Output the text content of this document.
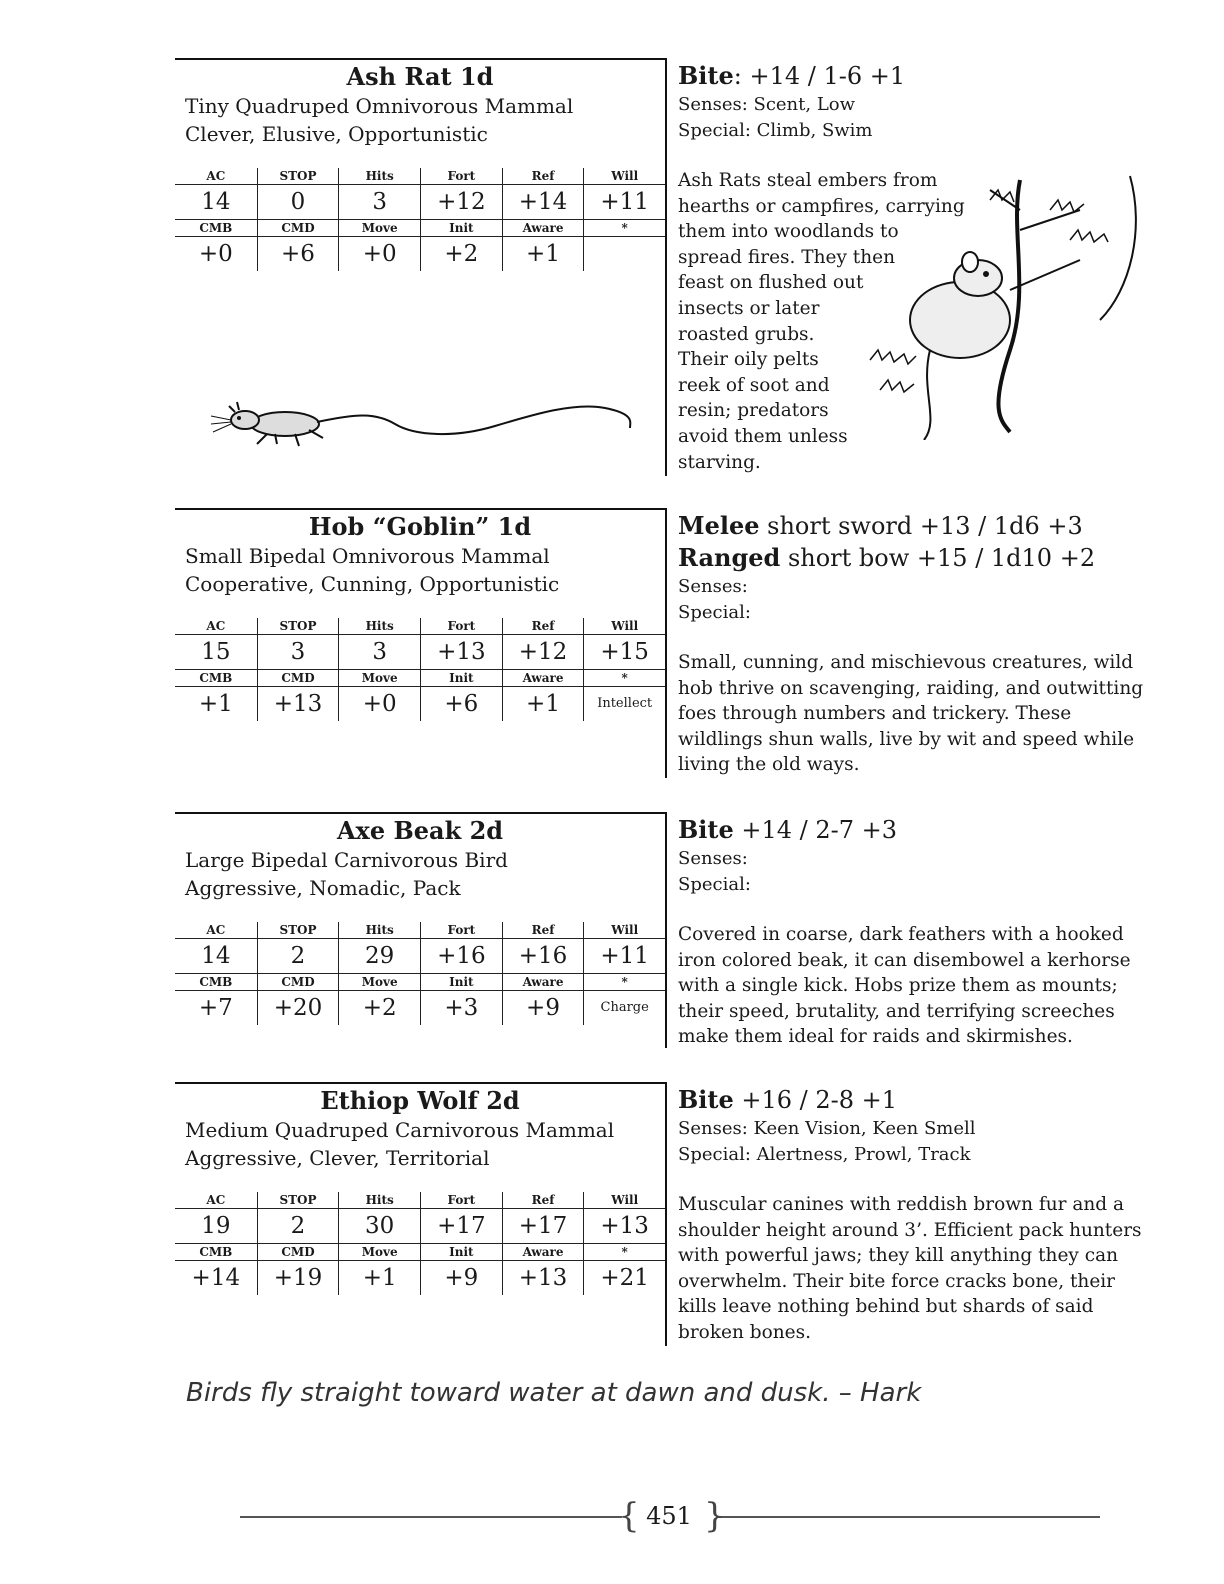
Ash Rat 1d
Tiny Quadruped Omnivorous Mammal
Clever, Elusive, Opportunistic
AC	STOP	Hits	Fort	Ref	Will
14	0	3	+12	+14	+11
CMB	CMD	Move	Init	Aware	*
+0	+6	+0	+2	+1
Bite: +14 / 1-6 +1
Senses: Scent, Low
Special: Climb, Swim
Ash Rats steal embers from
hearths or campfires, carrying
them into woodlands to
spread fires. They then
feast on flushed out
insects or later
roasted grubs.
Their oily pelts
reek of soot and
resin; predators
avoid them unless
starving.
Hob “Goblin” 1d
Small Bipedal Omnivorous Mammal
Cooperative, Cunning, Opportunistic
AC	STOP	Hits	Fort	Ref	Will
15	3	3	+13	+12	+15
CMB	CMD	Move	Init	Aware	*
+1	+13	+0	+6	+1	Intellect
Melee short sword +13 / 1d6 +3
Ranged short bow +15 / 1d10 +2
Senses:
Special:
Small, cunning, and mischievous creatures, wild
hob thrive on scavenging, raiding, and outwitting
foes through numbers and trickery. These
wildlings shun walls, live by wit and speed while
living the old ways.
Axe Beak 2d
Large Bipedal Carnivorous Bird
Aggressive, Nomadic, Pack
AC	STOP	Hits	Fort	Ref	Will
14	2	29	+16	+16	+11
CMB	CMD	Move	Init	Aware	*
+7	+20	+2	+3	+9	Charge
Bite +14 / 2-7 +3
Senses:
Special:
Covered in coarse, dark feathers with a hooked
iron colored beak, it can disembowel a kerhorse
with a single kick. Hobs prize them as mounts;
their speed, brutality, and terrifying screeches
make them ideal for raids and skirmishes.
Ethiop Wolf 2d
Medium Quadruped Carnivorous Mammal
Aggressive, Clever, Territorial
AC	STOP	Hits	Fort	Ref	Will
19	2	30	+17	+17	+13
CMB	CMD	Move	Init	Aware	*
+14	+19	+1	+9	+13	+21
Bite +16 / 2-8 +1
Senses: Keen Vision, Keen Smell
Special: Alertness, Prowl, Track
Muscular canines with reddish brown fur and a
shoulder height around 3’. Efficient pack hunters
with powerful jaws; they kill anything they can
overwhelm. Their bite force cracks bone, their
kills leave nothing behind but shards of said
broken bones.
Birds fly straight toward water at dawn and dusk. – Hark
{ }
451
